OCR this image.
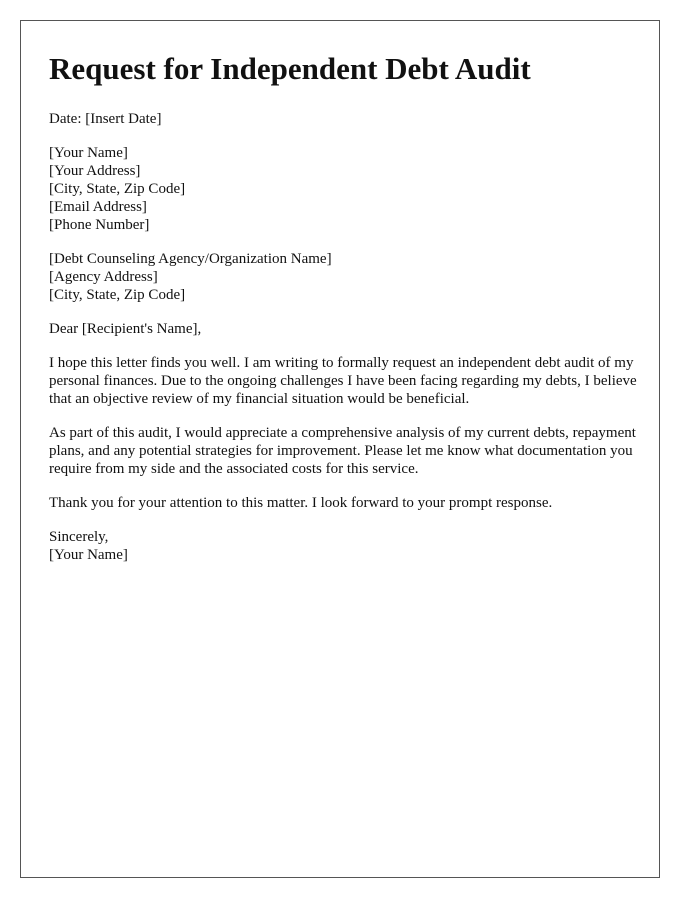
Request for Independent Debt Audit

Date: [Insert Date]

[Your Name]
[Your Address]
[City, State, Zip Code]
[Email Address]
[Phone Number]

[Debt Counseling Agency/Organization Name]
[Agency Address]
[City, State, Zip Code]

Dear [Recipient's Name],

I hope this letter finds you well. I am writing to formally request an independent debt audit of my personal finances. Due to the ongoing challenges I have been facing regarding my debts, I believe that an objective review of my financial situation would be beneficial.

As part of this audit, I would appreciate a comprehensive analysis of my current debts, repayment plans, and any potential strategies for improvement. Please let me know what documentation you require from my side and the associated costs for this service.

Thank you for your attention to this matter. I look forward to your prompt response.

Sincerely,
[Your Name]
